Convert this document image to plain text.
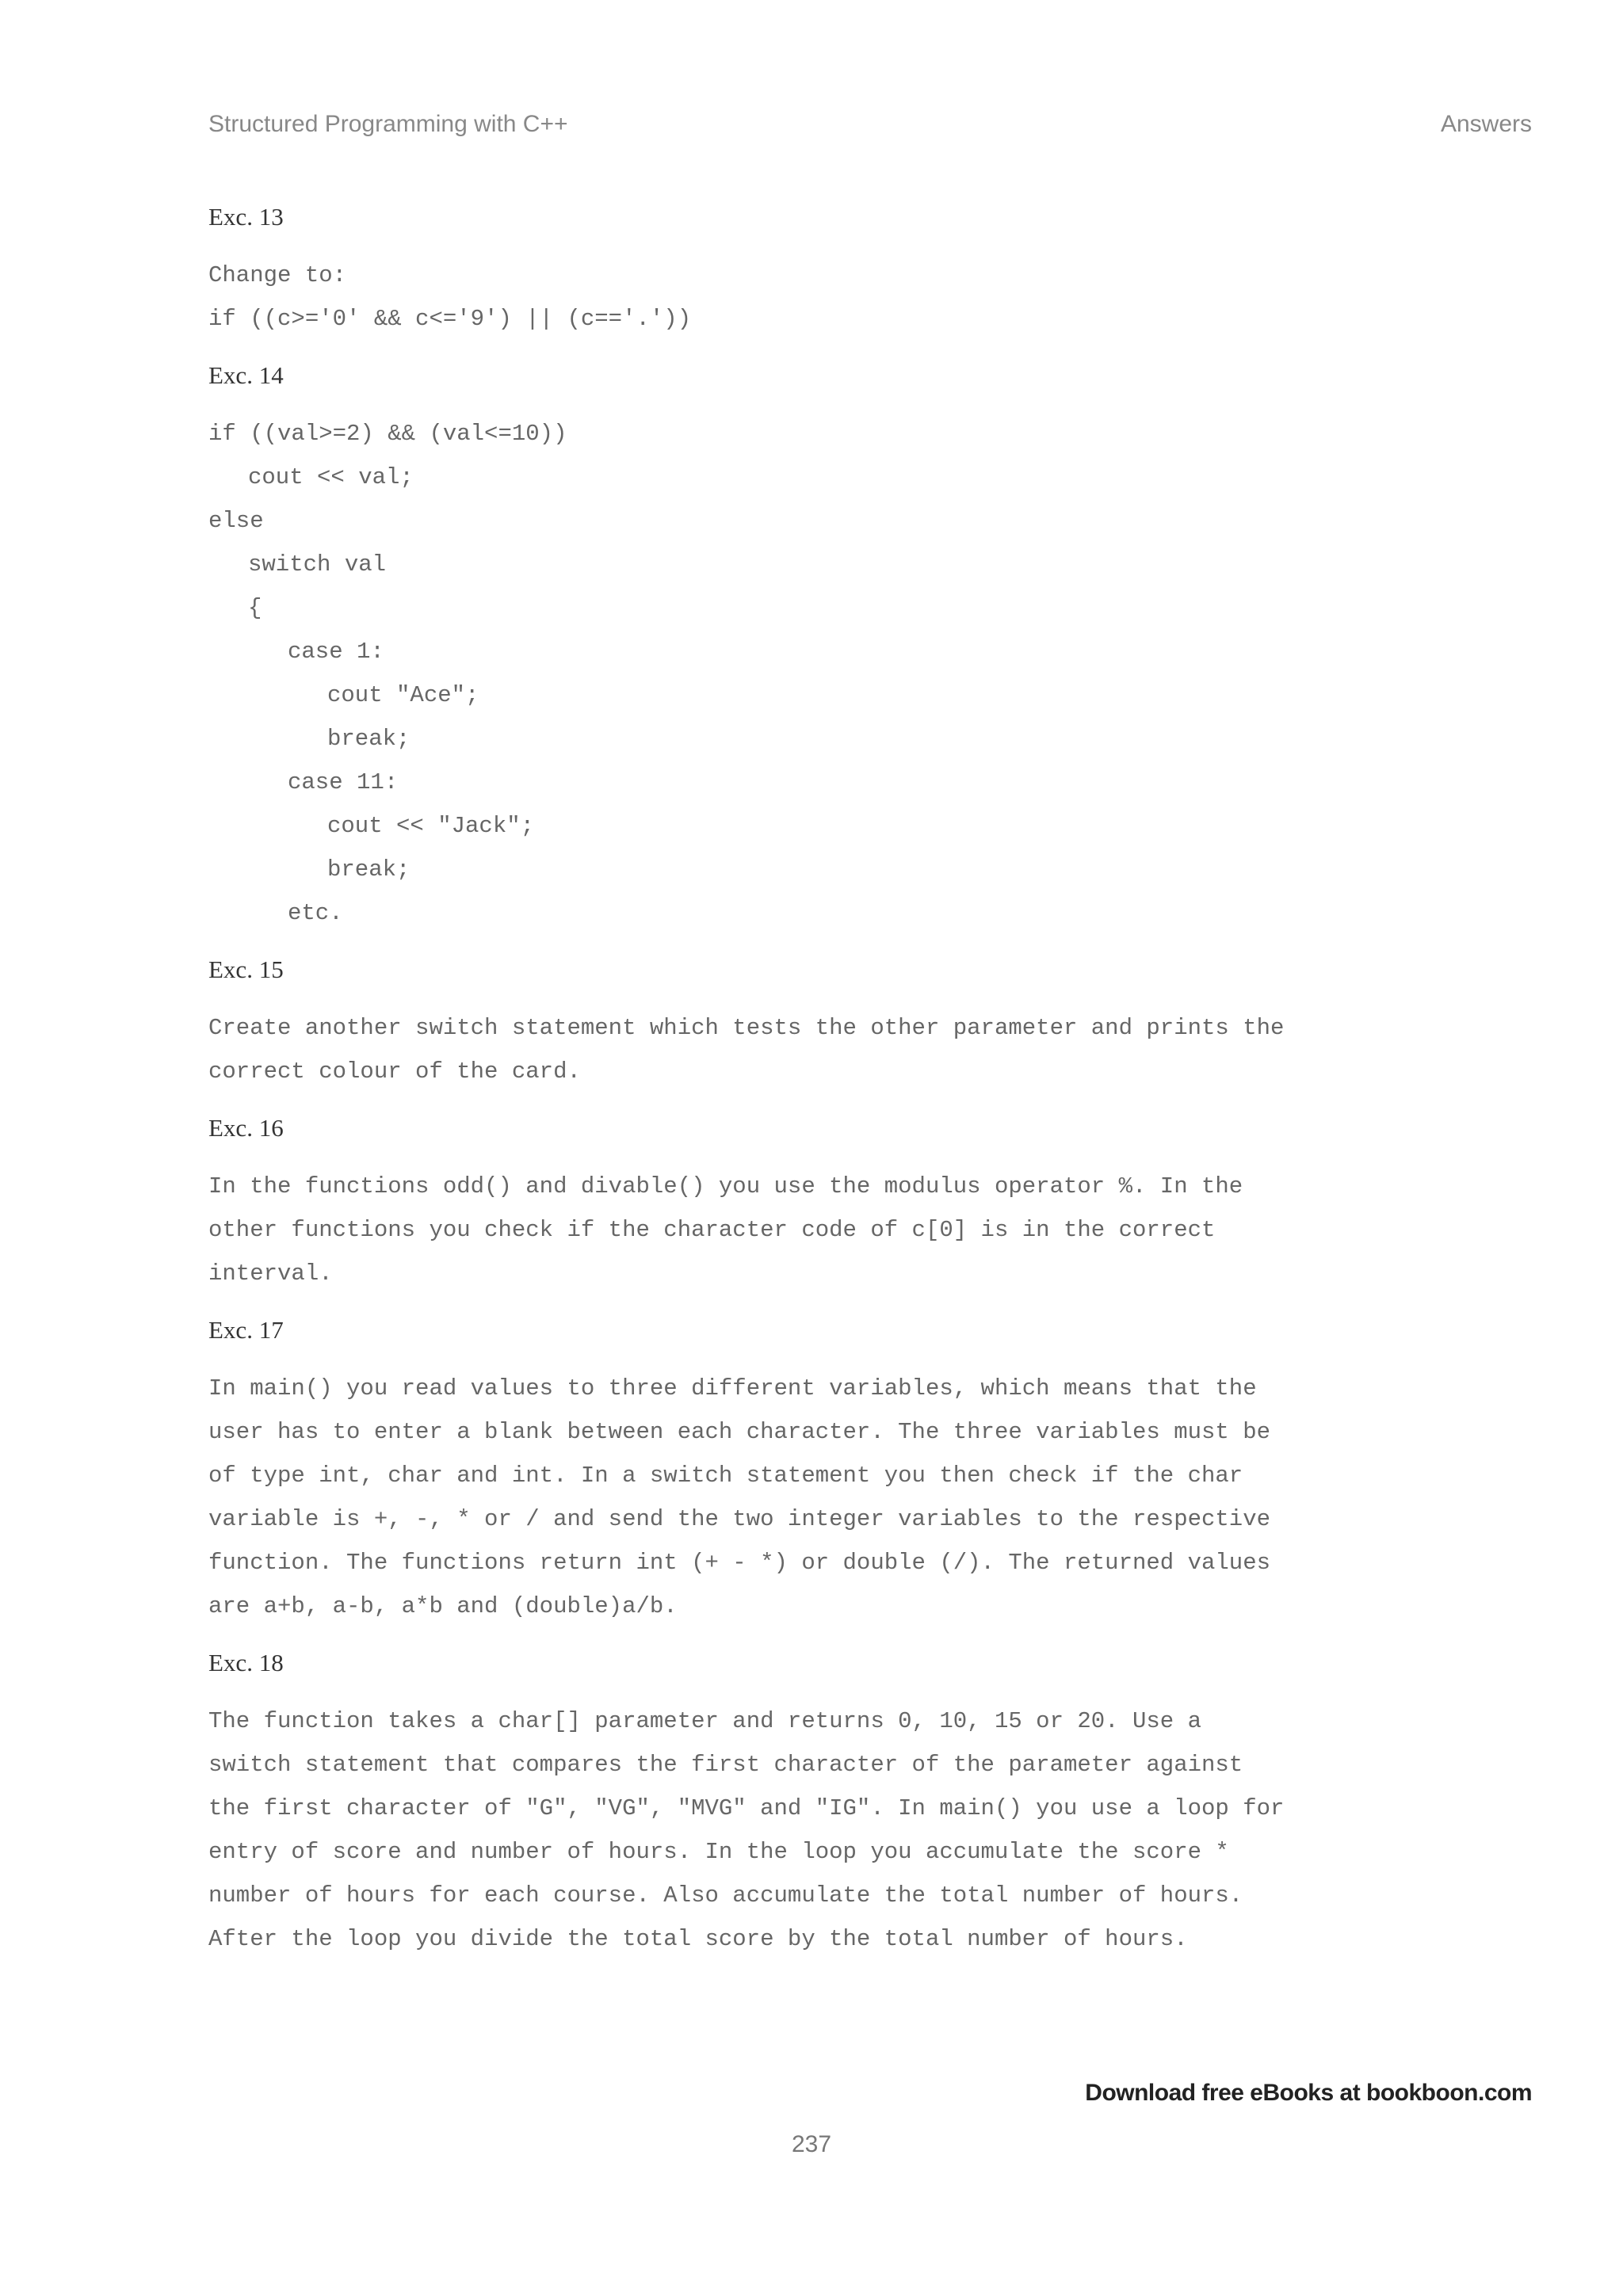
Structured Programming with C++	Answers
Exc. 13
Change to:
if ((c>='0' && c<='9') || (c=='.'))
Exc. 14
if ((val>=2) && (val<=10))
cout << val;
else
switch val
{
case 1:
cout "Ace";
break;
case 11:
cout << "Jack";
break;
etc.
Exc. 15
Create another switch statement which tests the other parameter and prints the
correct colour of the card.
Exc. 16
In the functions odd() and divable() you use the modulus operator %. In the
other functions you check if the character code of c[0] is in the correct
interval.
Exc. 17
In main() you read values to three different variables, which means that the
user has to enter a blank between each character. The three variables must be
of type int, char and int. In a switch statement you then check if the char
variable is +, -, * or / and send the two integer variables to the respective
function. The functions return int (+ - *) or double (/). The returned values
are a+b, a-b, a*b and (double)a/b.
Exc. 18
The function takes a char[] parameter and returns 0, 10, 15 or 20. Use a
switch statement that compares the first character of the parameter against
the first character of "G", "VG", "MVG" and "IG". In main() you use a loop for
entry of score and number of hours. In the loop you accumulate the score *
number of hours for each course. Also accumulate the total number of hours.
After the loop you divide the total score by the total number of hours.
Download free eBooks at bookboon.com
237
